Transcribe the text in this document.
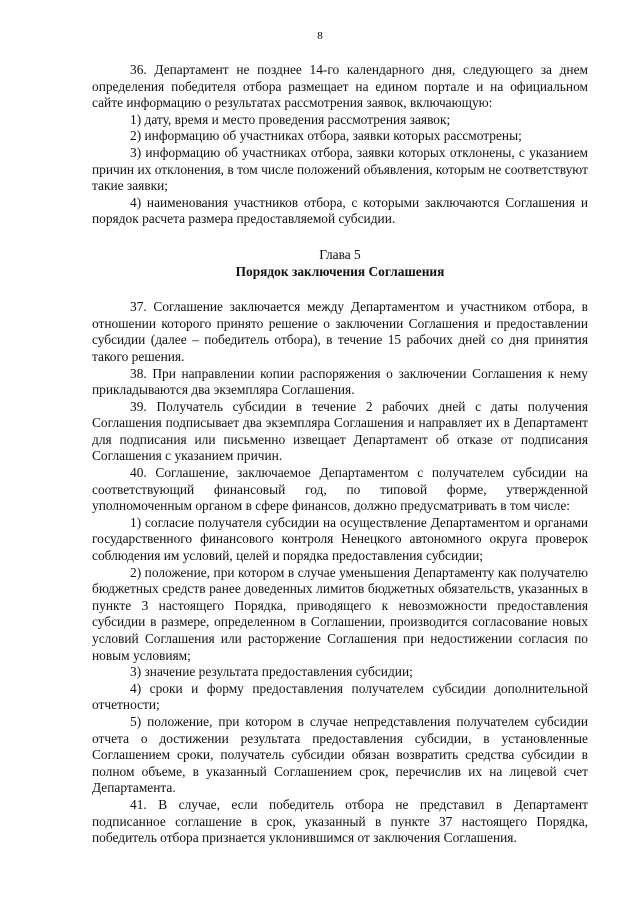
8

36. Департамент не позднее 14-го календарного дня, следующего за днем определения победителя отбора размещает на едином портале и на официальном сайте информацию о результатах рассмотрения заявок, включающую:

1) дату, время и место проведения рассмотрения заявок;

2) информацию об участниках отбора, заявки которых рассмотрены;

3) информацию об участниках отбора, заявки которых отклонены, с указанием причин их отклонения, в том числе положений объявления, которым не соответствуют такие заявки;

4) наименования участников отбора, с которыми заключаются Соглашения и порядок расчета размера предоставляемой субсидии.

Глава 5

Порядок заключения Соглашения

37. Соглашение заключается между Департаментом и участником отбора, в отношении которого принято решение о заключении Соглашения и предоставлении субсидии (далее – победитель отбора), в течение 15 рабочих дней со дня принятия такого решения.

38. При направлении копии распоряжения о заключении Соглашения к нему прикладываются два экземпляра Соглашения.

39. Получатель субсидии в течение 2 рабочих дней с даты получения Соглашения подписывает два экземпляра Соглашения и направляет их в Департамент для подписания или письменно извещает Департамент об отказе от подписания Соглашения с указанием причин.

40. Соглашение, заключаемое Департаментом с получателем субсидии на соответствующий финансовый год, по типовой форме, утвержденной уполномоченным органом в сфере финансов, должно предусматривать в том числе:

1) согласие получателя субсидии на осуществление Департаментом и органами государственного финансового контроля Ненецкого автономного округа проверок соблюдения им условий, целей и порядка предоставления субсидии;

2) положение, при котором в случае уменьшения Департаменту как получателю бюджетных средств ранее доведенных лимитов бюджетных обязательств, указанных в пункте 3 настоящего Порядка, приводящего к невозможности предоставления субсидии в размере, определенном в Соглашении, производится согласование новых условий Соглашения или расторжение Соглашения при недостижении согласия по новым условиям;

3) значение результата предоставления субсидии;

4) сроки и форму предоставления получателем субсидии дополнительной отчетности;

5) положение, при котором в случае непредставления получателем субсидии отчета о достижении результата предоставления субсидии, в установленные Соглашением сроки, получатель субсидии обязан возвратить средства субсидии в полном объеме, в указанный Соглашением срок, перечислив их на лицевой счет Департамента.

41. В случае, если победитель отбора не представил в Департамент подписанное соглашение в срок, указанный в пункте 37 настоящего Порядка, победитель отбора признается уклонившимся от заключения Соглашения.
